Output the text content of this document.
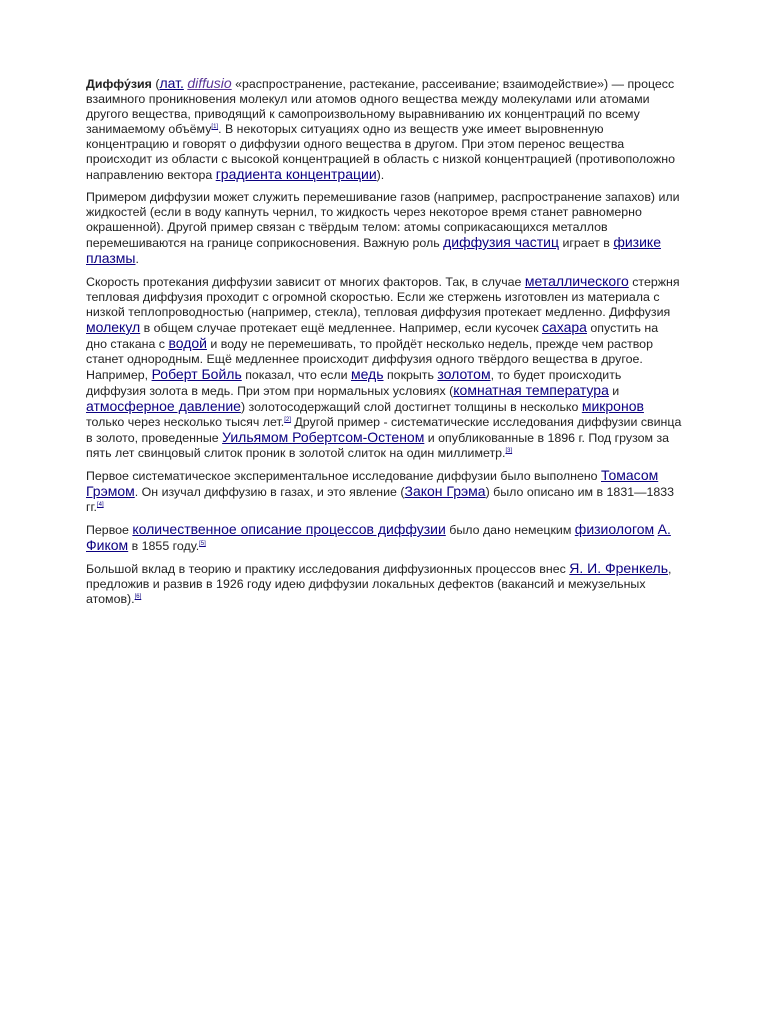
Диффу́зия (лат. diffusio «распространение, растекание, рассеивание; взаимодействие») — процесс взаимного проникновения молекул или атомов одного вещества между молекулами или атомами другого вещества, приводящий к самопроизвольному выравниванию их концентраций по всему занимаемому объёму[1]. В некоторых ситуациях одно из веществ уже имеет выровненную концентрацию и говорят о диффузии одного вещества в другом. При этом перенос вещества происходит из области с высокой концентрацией в область с низкой концентрацией (противоположно направлению вектора градиента концентрации).

Примером диффузии может служить перемешивание газов (например, распространение запахов) или жидкостей (если в воду капнуть чернил, то жидкость через некоторое время станет равномерно окрашенной). Другой пример связан с твёрдым телом: атомы соприкасающихся металлов перемешиваются на границе соприкосновения. Важную роль диффузия частиц играет в физике плазмы.

Скорость протекания диффузии зависит от многих факторов. Так, в случае металлического стержня тепловая диффузия проходит с огромной скоростью. Если же стержень изготовлен из материала с низкой теплопроводностью (например, стекла), тепловая диффузия протекает медленно. Диффузия молекул в общем случае протекает ещё медленнее. Например, если кусочек сахара опустить на дно стакана с водой и воду не перемешивать, то пройдёт несколько недель, прежде чем раствор станет однородным. Ещё медленнее происходит диффузия одного твёрдого вещества в другое. Например, Роберт Бойль показал, что если медь покрыть золотом, то будет происходить диффузия золота в медь. При этом при нормальных условиях (комнатная температура и атмосферное давление) золотосодержащий слой достигнет толщины в несколько микронов только через несколько тысяч лет.[2] Другой пример - систематические исследования диффузии свинца в золото, проведенные Уильямом Робертсом-Остеном и опубликованные в 1896 г. Под грузом за пять лет свинцовый слиток проник в золотой слиток на один миллиметр.[3]

Первое систематическое экспериментальное исследование диффузии было выполнено Томасом Грэмом. Он изучал диффузию в газах, и это явление (Закон Грэма) было описано им в 1831—1833 гг.[4]

Первое количественное описание процессов диффузии было дано немецким физиологом А. Фиком в 1855 году.[5]

Большой вклад в теорию и практику исследования диффузионных процессов внес Я. И. Френкель, предложив и развив в 1926 году идею диффузии локальных дефектов (вакансий и межузельных атомов).[6]
